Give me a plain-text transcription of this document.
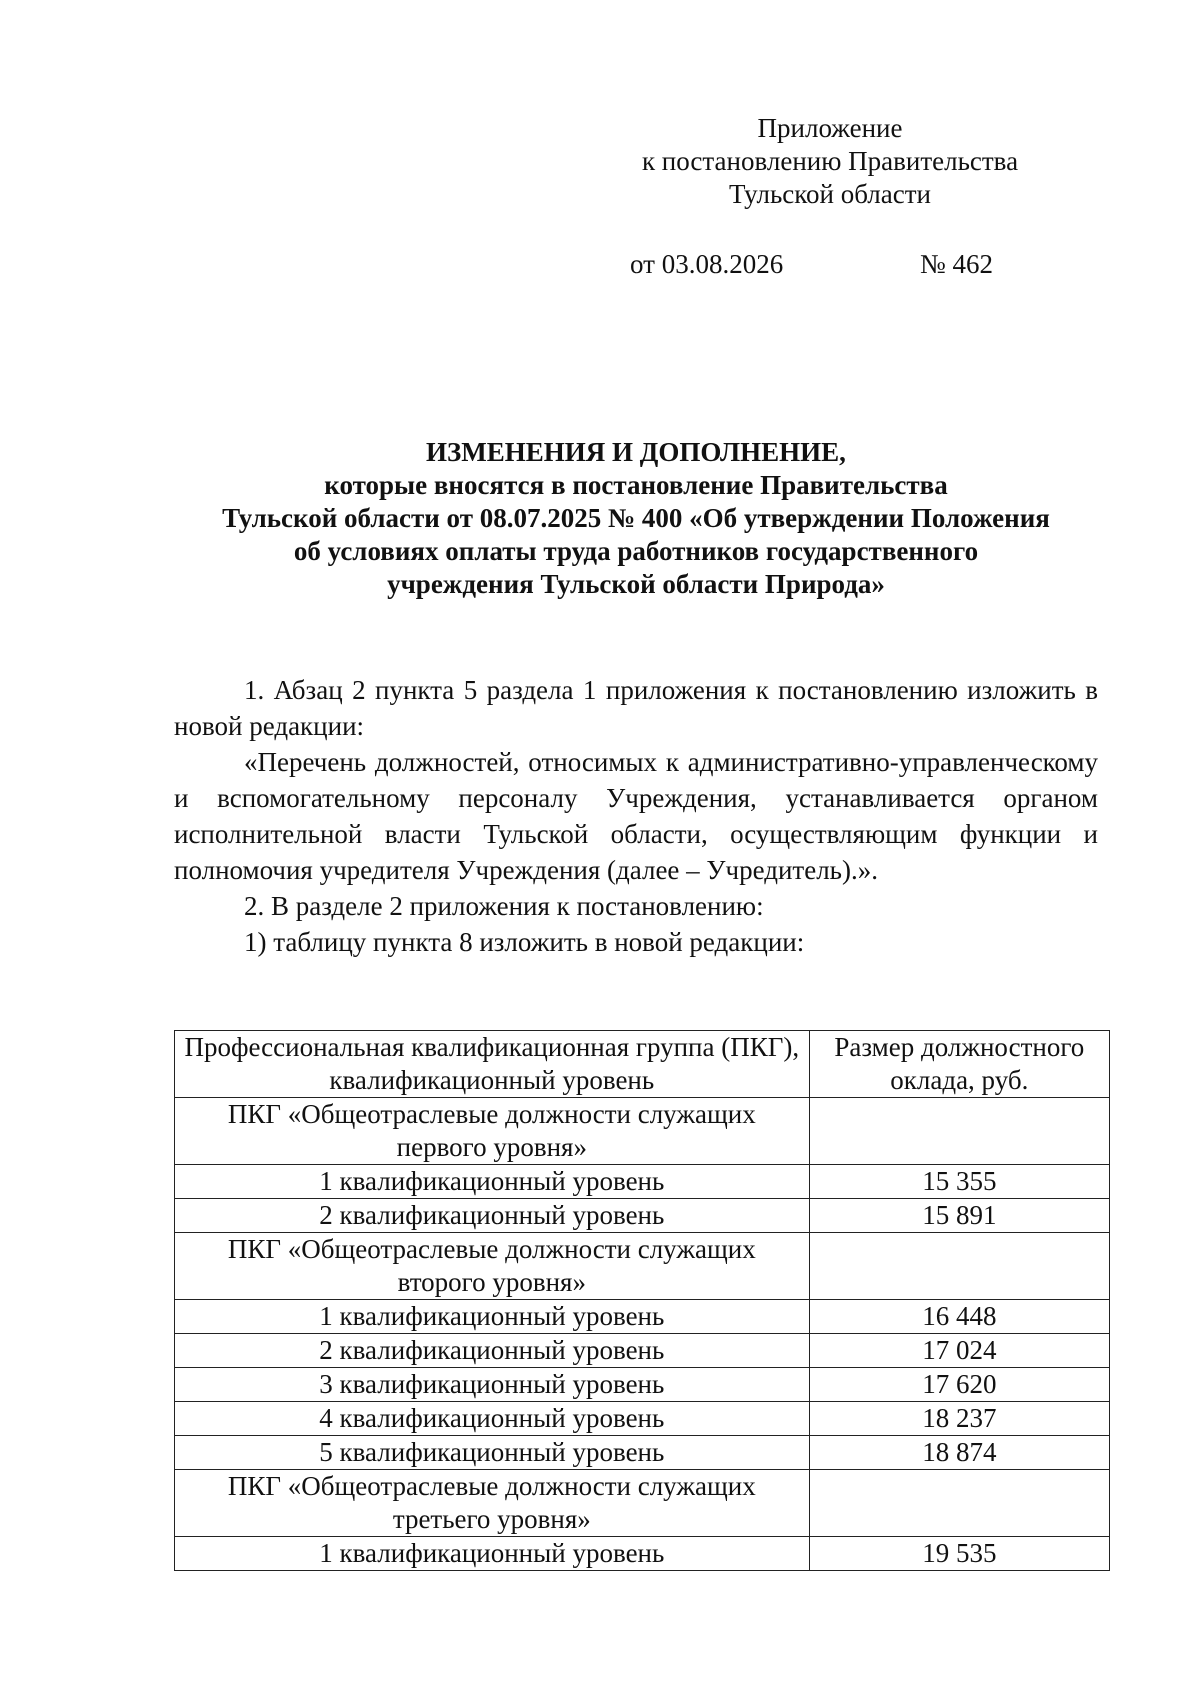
Приложение
к постановлению Правительства
Тульской области
от 03.08.2026	№ 462
ИЗМЕНЕНИЯ И ДОПОЛНЕНИЕ,
которые вносятся в постановление Правительства
Тульской области от 08.07.2025 № 400 «Об утверждении Положения
об условиях оплаты труда работников государственного
учреждения Тульской области Природа»

1. Абзац 2 пункта 5 раздела 1 приложения к постановлению изложить в новой редакции:

«Перечень должностей, относимых к административно-управленческому и вспомогательному персоналу Учреждения, устанавливается органом исполнительной власти Тульской области, осуществляющим функции и полномочия учредителя Учреждения (далее – Учредитель).».

2. В разделе 2 приложения к постановлению:

1) таблицу пункта 8 изложить в новой редакции:

Профессиональная квалификационная группа (ПКГ), квалификационный уровень	Размер должностного оклада, руб.
ПКГ «Общеотраслевые должности служащих первого уровня»	
1 квалификационный уровень	15 355
2 квалификационный уровень	15 891
ПКГ «Общеотраслевые должности служащих второго уровня»	
1 квалификационный уровень	16 448
2 квалификационный уровень	17 024
3 квалификационный уровень	17 620
4 квалификационный уровень	18 237
5 квалификационный уровень	18 874
ПКГ «Общеотраслевые должности служащих третьего уровня»	
1 квалификационный уровень	19 535
